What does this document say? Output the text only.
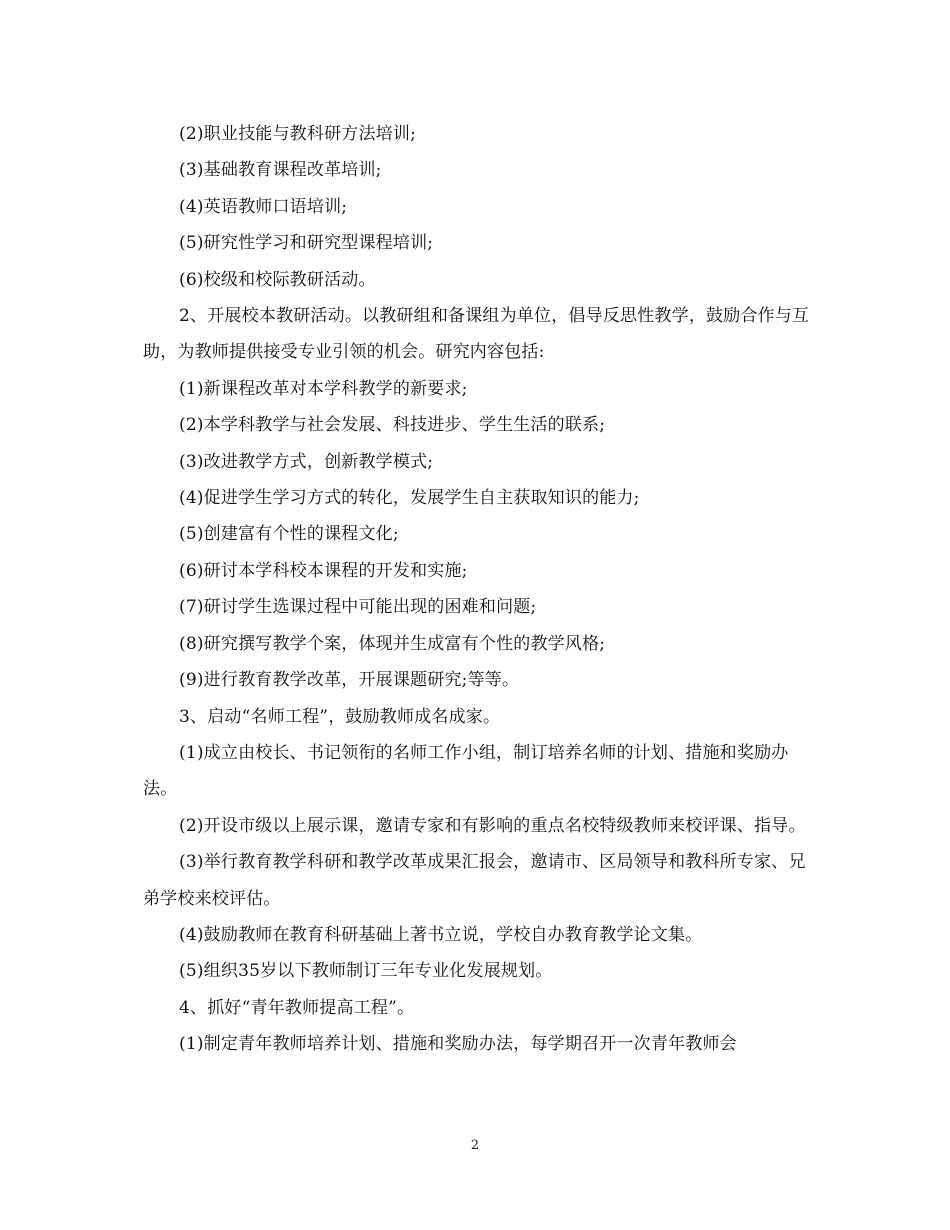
(2)职业技能与教科研方法培训;

(3)基础教育课程改革培训;

(4)英语教师口语培训;

(5)研究性学习和研究型课程培训;

(6)校级和校际教研活动。

2、开展校本教研活动。以教研组和备课组为单位，倡导反思性教学，鼓励合作与互助，为教师提供接受专业引领的机会。研究内容包括:

(1)新课程改革对本学科教学的新要求;

(2)本学科教学与社会发展、科技进步、学生生活的联系;

(3)改进教学方式，创新教学模式;

(4)促进学生学习方式的转化，发展学生自主获取知识的能力;

(5)创建富有个性的课程文化;

(6)研讨本学科校本课程的开发和实施;

(7)研讨学生选课过程中可能出现的困难和问题;

(8)研究撰写教学个案，体现并生成富有个性的教学风格;

(9)进行教育教学改革，开展课题研究;等等。

3、启动“名师工程”，鼓励教师成名成家。

(1)成立由校长、书记领衔的名师工作小组，制订培养名师的计划、措施和奖励办法。

(2)开设市级以上展示课，邀请专家和有影响的重点名校特级教师来校评课、指导。

(3)举行教育教学科研和教学改革成果汇报会，邀请市、区局领导和教科所专家、兄弟学校来校评估。

(4)鼓励教师在教育科研基础上著书立说，学校自办教育教学论文集。

(5)组织35岁以下教师制订三年专业化发展规划。

4、抓好“青年教师提高工程”。

(1)制定青年教师培养计划、措施和奖励办法，每学期召开一次青年教师会

2
